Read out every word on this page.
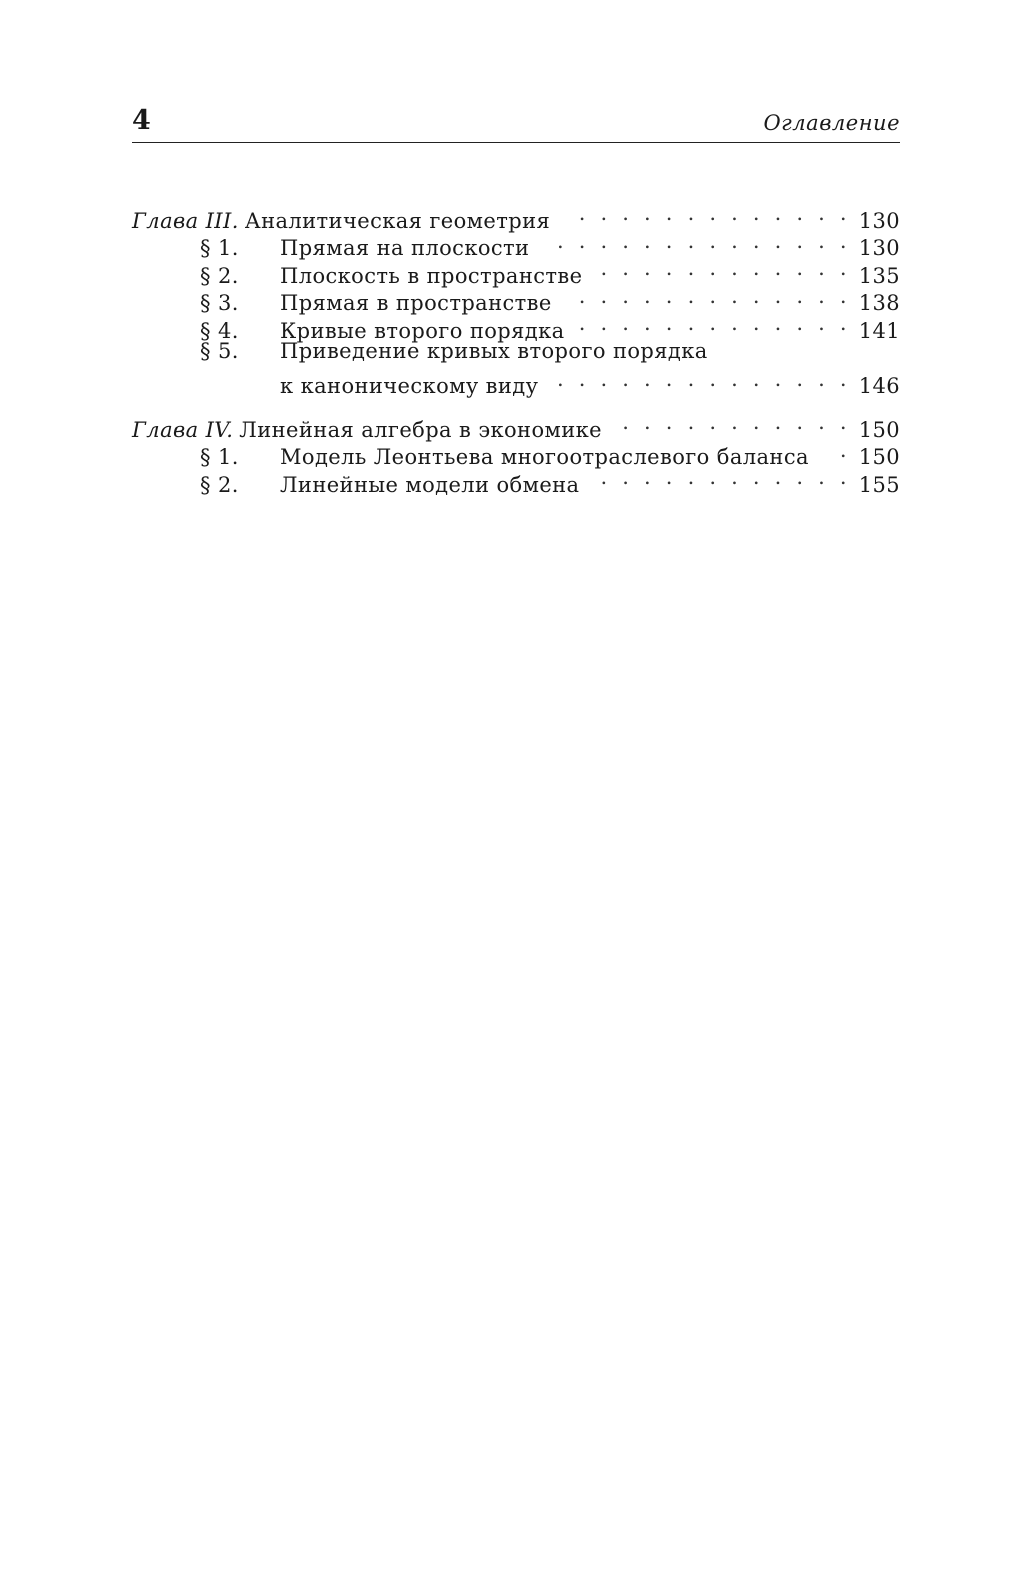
4	Оглавление
Глава III. Аналитическая геометрия . . .	130
§ 1.	Прямая на плоскости . . .	130
§ 2.	Плоскость в пространстве . . .	135
§ 3.	Прямая в пространстве . . .	138
§ 4.	Кривые второго порядка . . .	141
§ 5.	Приведение кривых второго порядка
к каноническому виду . . .	146
Глава IV. Линейная алгебра в экономике . . .	150
§ 1.	Модель Леонтьева многоотраслевого баланса . . . 150
§ 2.	Линейные модели обмена . . .	155
